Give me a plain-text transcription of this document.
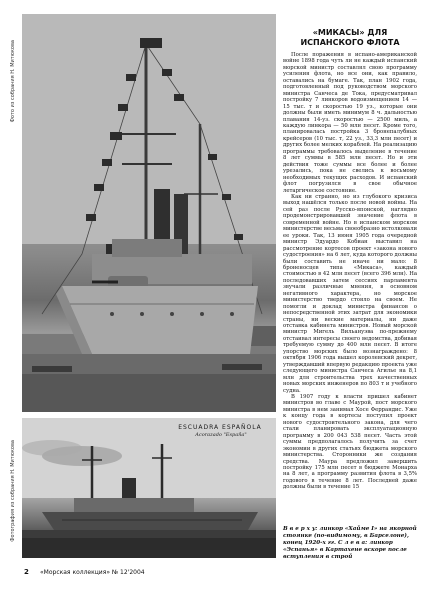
Фото из собрания Н. Митюкова
Фотография из собрания Н. Митюкова
ESCUADRA ESPAÑOLA
Acorazado "España"
«МИКАСЫ» ДЛЯ ИСПАНСКОГО ФЛОТА

После поражения в испано-американской войне 1898 года чуть ли не каждый испанский морской министр составлял свою программу усиления флота, но все они, как правило, оставались на бумаге. Так, план 1902 года, подготовленный под руководством морского министра Санчеса де Тока, предусматривал постройку 7 линкоров водоизмещением 14 — 15 тыс. т и скоростью 19 уз., которые они должны были иметь минимум 8 ч. дальностью плавания 14-уз. скоростью — 2500 миль, а каждую линкора — 50 млн песет. Кроме того, планировалась постройка 3 бронепалубных крейсеров (10 тыс. т, 22 уз., 33,3 млн песет) и других более мелких кораблей. На реализацию программы требовалось выделение в течение 8 лет суммы в 585 млн песет. Но и эти действия тоже суммы все более и более урезались, пока не свелись к восьмому необходимых текущих расходов. И испанский флот погрузился в свое обычное летаргическое состояние.

Как ни странно, но из глубокого кризиса выход нашёлся только после новой войны. На сей раз после Русско-японской, наглядно продемонстрировавшей значение флота в современной войне. Но в испанском морском министерстве весьма своеобразно истолковали ее уроки. Так, 13 июня 1905 года очередной министр Эдуардо Кобиан выставил на рассмотрение кортесов проект «закона нового судостроения» на 6 лет, куда которого должны были составить не иначе ни мало: 8 броненосцев типа «Микаса», каждый стоимостью в 42 млн песет (всего 396 млн). На последовавших затем сессиях парламента звучали различные мнения, в основном негативного характера, но морское министерство твердо стояло на своем. Не помогли и доклад министра финансов о непосредственной этих затрат для экономики страны, ни веские материалы, ни даже отставка кабинета министров. Новый морской министр Мигель Вильануэва по-прежнему отстаивал интересы своего ведомства, добивая требуемую сумму до 400 млн песет. В итоге упорство морских было вознаграждено: 8 октября 1906 года вышел королевский декрет, утверждавший впервую редакцию проекта уже следующего министра Санчеса Агилье на 8,1 млн для строительства трех качественных новых морских инженеров по 803 т и учебного судна.

В 1907 году к власти пришел кабинет министров во главе с Маурой, пост морского министра в нем занимал Хосе Феррандис. Уже к концу года в кортесы поступил проект нового судостроительного закона, для чего стали планировать эксплуатационную программу в 200 043 538 песет. Часть этой суммы предполагалось получить за счет экономии в других статьях бюджета морского министерства. Сторонники же создания средства. Маура предложил завершить постройку 175 млн песет в бюджете Монарха на 8 лет, а программу развития флота в 3,5% годового в течение 8 лет. Последней даже должны были в течение 15

В в е р х у: линкор «Хайме I» на якорной стоянке (по-видимому, в Барселоне), конец 1920-х гг. С л е в а: линкор «Эспанья» в Картахене вскоре после вступления в строй
2 «Морская коллекция» № 12'2004
